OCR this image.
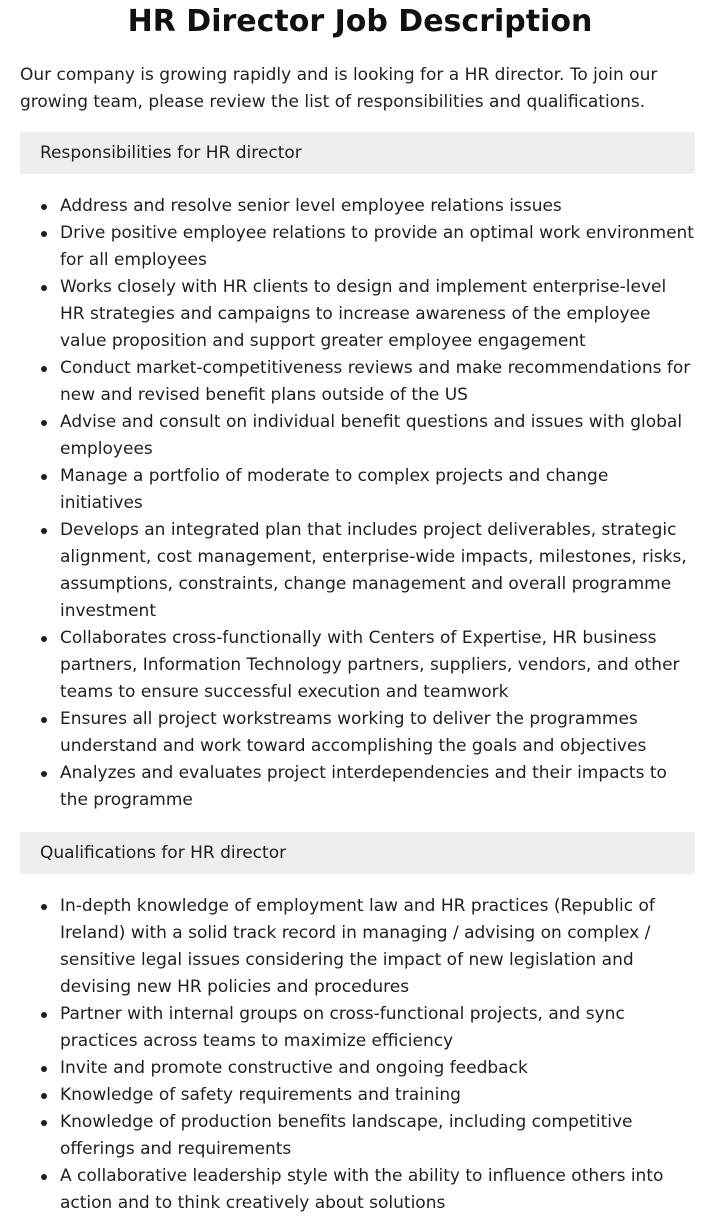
HR Director Job Description

Our company is growing rapidly and is looking for a HR director. To join our growing team, please review the list of responsibilities and qualifications.

Responsibilities for HR director
Address and resolve senior level employee relations issues
Drive positive employee relations to provide an optimal work environment for all employees
Works closely with HR clients to design and implement enterprise-level HR strategies and campaigns to increase awareness of the employee value proposition and support greater employee engagement
Conduct market-competitiveness reviews and make recommendations for new and revised benefit plans outside of the US
Advise and consult on individual benefit questions and issues with global employees
Manage a portfolio of moderate to complex projects and change initiatives
Develops an integrated plan that includes project deliverables, strategic alignment, cost management, enterprise-wide impacts, milestones, risks, assumptions, constraints, change management and overall programme investment
Collaborates cross-functionally with Centers of Expertise, HR business partners, Information Technology partners, suppliers, vendors, and other teams to ensure successful execution and teamwork
Ensures all project workstreams working to deliver the programmes understand and work toward accomplishing the goals and objectives
Analyzes and evaluates project interdependencies and their impacts to the programme
Qualifications for HR director
In-depth knowledge of employment law and HR practices (Republic of Ireland) with a solid track record in managing / advising on complex / sensitive legal issues considering the impact of new legislation and devising new HR policies and procedures
Partner with internal groups on cross-functional projects, and sync practices across teams to maximize efficiency
Invite and promote constructive and ongoing feedback
Knowledge of safety requirements and training
Knowledge of production benefits landscape, including competitive offerings and requirements
A collaborative leadership style with the ability to influence others into action and to think creatively about solutions
